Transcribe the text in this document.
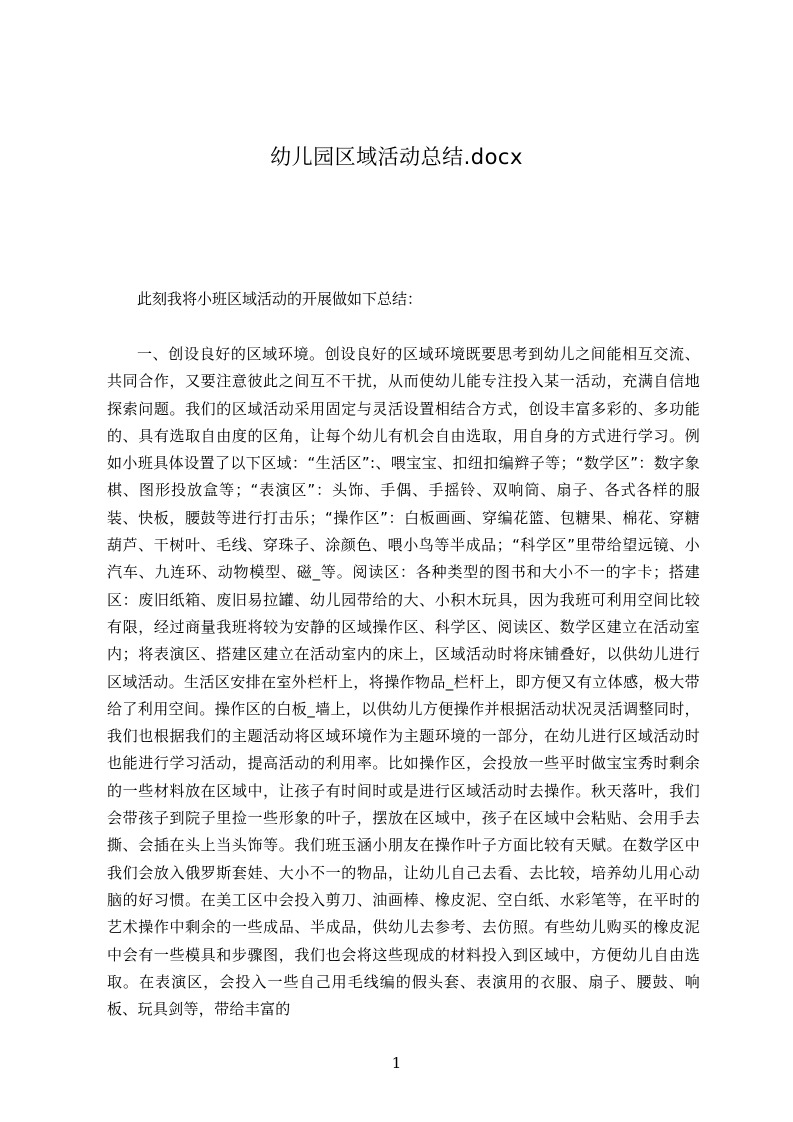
幼儿园区域活动总结.docx

此刻我将小班区域活动的开展做如下总结：

一、创设良好的区域环境。创设良好的区域环境既要思考到幼儿之间能相互交流、共同合作，又要注意彼此之间互不干扰，从而使幼儿能专注投入某一活动，充满自信地探索问题。我们的区域活动采用固定与灵活设置相结合方式，创设丰富多彩的、多功能的、具有选取自由度的区角，让每个幼儿有机会自由选取，用自身的方式进行学习。例如小班具体设置了以下区域：“生活区”:、喂宝宝、扣纽扣编辫子等；“数学区”：数字象棋、图形投放盒等；“表演区”：头饰、手偶、手摇铃、双响筒、扇子、各式各样的服装、快板，腰鼓等进行打击乐；“操作区”：白板画画、穿编花篮、包糖果、棉花、穿糖葫芦、干树叶、毛线、穿珠子、涂颜色、喂小鸟等半成品；“科学区”里带给望远镜、小汽车、九连环、动物模型、磁_等。阅读区：各种类型的图书和大小不一的字卡；搭建区：废旧纸箱、废旧易拉罐、幼儿园带给的大、小积木玩具，因为我班可利用空间比较有限，经过商量我班将较为安静的区域操作区、科学区、阅读区、数学区建立在活动室内；将表演区、搭建区建立在活动室内的床上，区域活动时将床铺叠好，以供幼儿进行区域活动。生活区安排在室外栏杆上，将操作物品_栏杆上，即方便又有立体感，极大带给了利用空间。操作区的白板_墙上，以供幼儿方便操作并根据活动状况灵活调整同时，我们也根据我们的主题活动将区域环境作为主题环境的一部分，在幼儿进行区域活动时也能进行学习活动，提高活动的利用率。比如操作区，会投放一些平时做宝宝秀时剩余的一些材料放在区域中，让孩子有时间时或是进行区域活动时去操作。秋天落叶，我们会带孩子到院子里捡一些形象的叶子，摆放在区域中，孩子在区域中会粘贴、会用手去撕、会插在头上当头饰等。我们班玉涵小朋友在操作叶子方面比较有天赋。在数学区中我们会放入俄罗斯套娃、大小不一的物品，让幼儿自己去看、去比较，培养幼儿用心动脑的好习惯。在美工区中会投入剪刀、油画棒、橡皮泥、空白纸、水彩笔等，在平时的艺术操作中剩余的一些成品、半成品，供幼儿去参考、去仿照。有些幼儿购买的橡皮泥中会有一些模具和步骤图，我们也会将这些现成的材料投入到区域中，方便幼儿自由选取。在表演区，会投入一些自己用毛线编的假头套、表演用的衣服、扇子、腰鼓、响板、玩具剑等，带给丰富的

1
